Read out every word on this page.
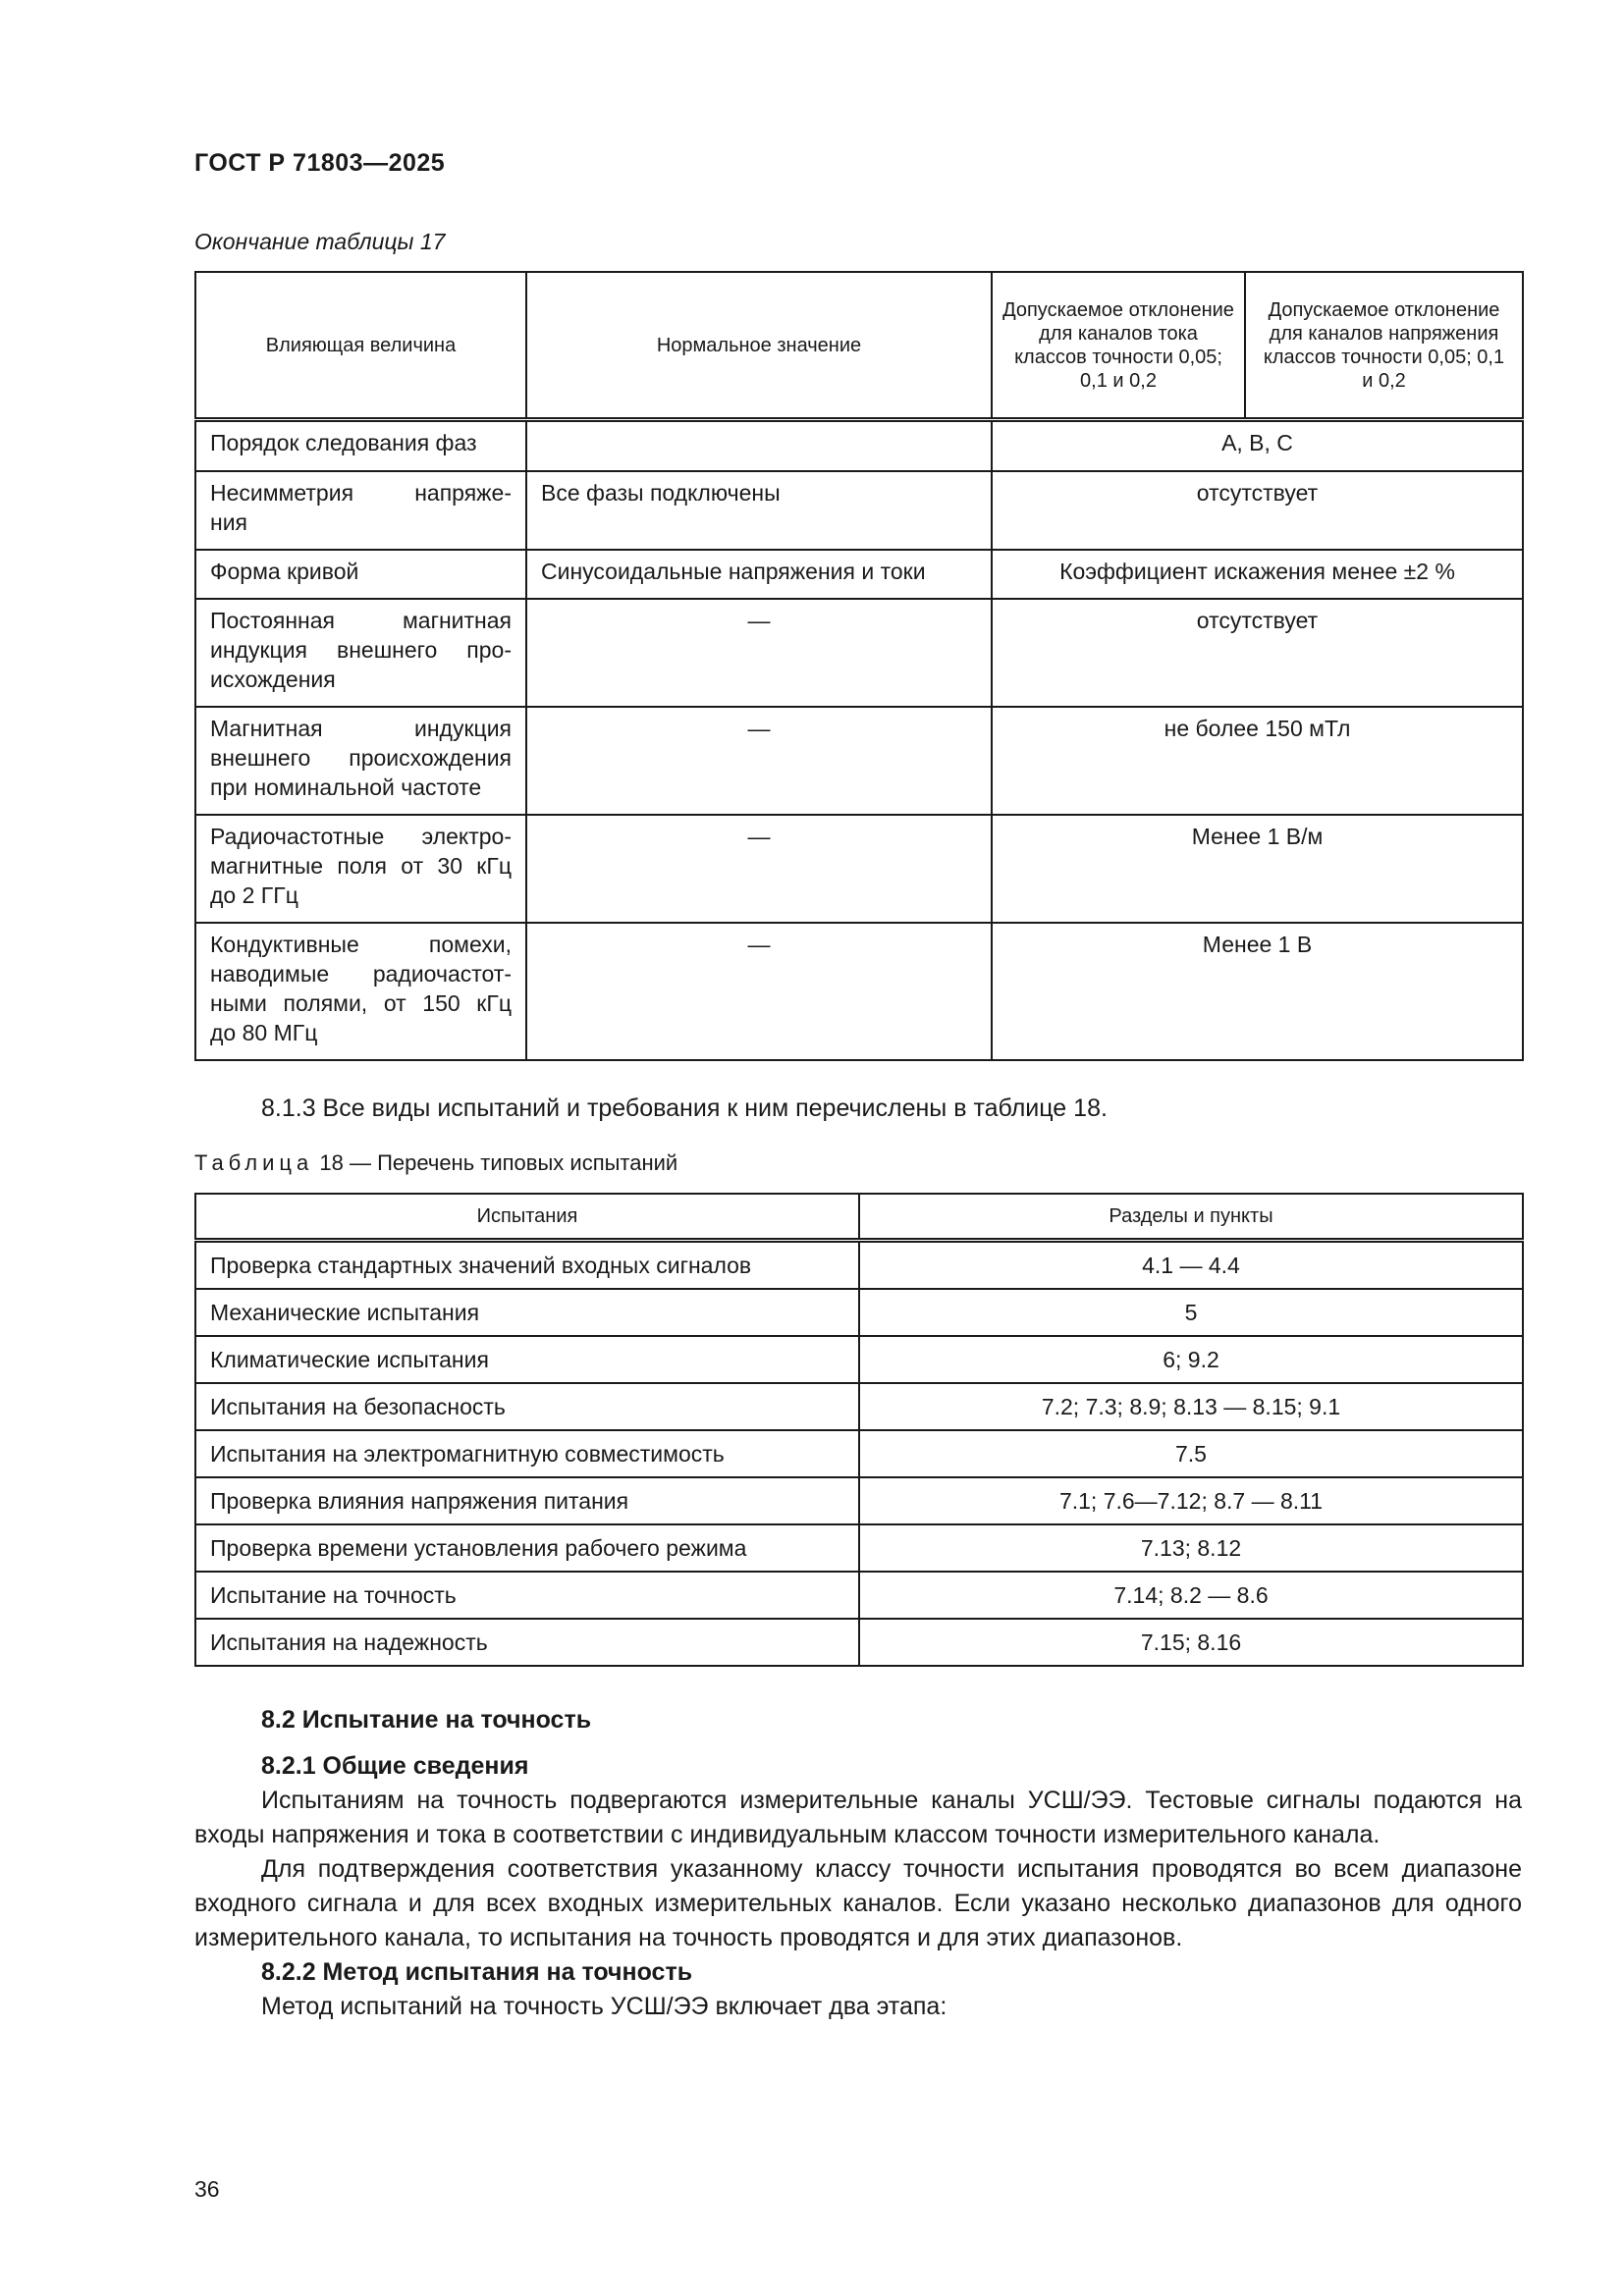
ГОСТ Р 71803—2025
Окончание таблицы 17
Влияющая величина	Нормальное значение	Допускаемое отклонение для каналов тока классов точности 0,05; 0,1 и 0,2	Допускаемое отклонение для каналов напряжения классов точности 0,05; 0,1 и 0,2
Порядок следования фаз		A, B, C	

Несимметрия напряже-
ния	Все фазы подключены	отсутствует	
Форма кривой	Синусоидальные напряжения и токи	Коэффициент искажения менее ±2 %	

Постоянная магнитная
индукция внешнего про-
исхождения	—	отсутствует	

Магнитная индукция
внешнего происхождения
при номинальной частоте	—	не более 150 мТл	

Радиочастотные электро-
магнитные поля от 30 кГц
до 2 ГГц	—	Менее 1 В/м	

Кондуктивные помехи,
наводимые радиочастот-
ными полями, от 150 кГц
до 80 МГц	—	Менее 1 В	
8.1.3 Все виды испытаний и требования к ним перечислены в таблице 18.
Таблица 18 — Перечень типовых испытаний
Испытания	Разделы и пункты
Проверка стандартных значений входных сигналов	4.1 — 4.4
Механические испытания	5
Климатические испытания	6; 9.2
Испытания на безопасность	7.2; 7.3; 8.9; 8.13 — 8.15; 9.1
Испытания на электромагнитную совместимость	7.5
Проверка влияния напряжения питания	7.1; 7.6—7.12; 8.7 — 8.11
Проверка времени установления рабочего режима	7.13; 8.12
Испытание на точность	7.14; 8.2 — 8.6
Испытания на надежность	7.15; 8.16
8.2 Испытание на точность
8.2.1 Общие сведения
Испытаниям на точность подвергаются измерительные каналы УСШ/ЭЭ. Тестовые сигналы подаются на входы напряжения и тока в соответствии с индивидуальным классом точности измерительного канала.
Для подтверждения соответствия указанному классу точности испытания проводятся во всем диапазоне входного сигнала и для всех входных измерительных каналов. Если указано несколько диапазонов для одного измерительного канала, то испытания на точность проводятся и для этих диапазонов.
8.2.2 Метод испытания на точность
Метод испытаний на точность УСШ/ЭЭ включает два этапа:
36
